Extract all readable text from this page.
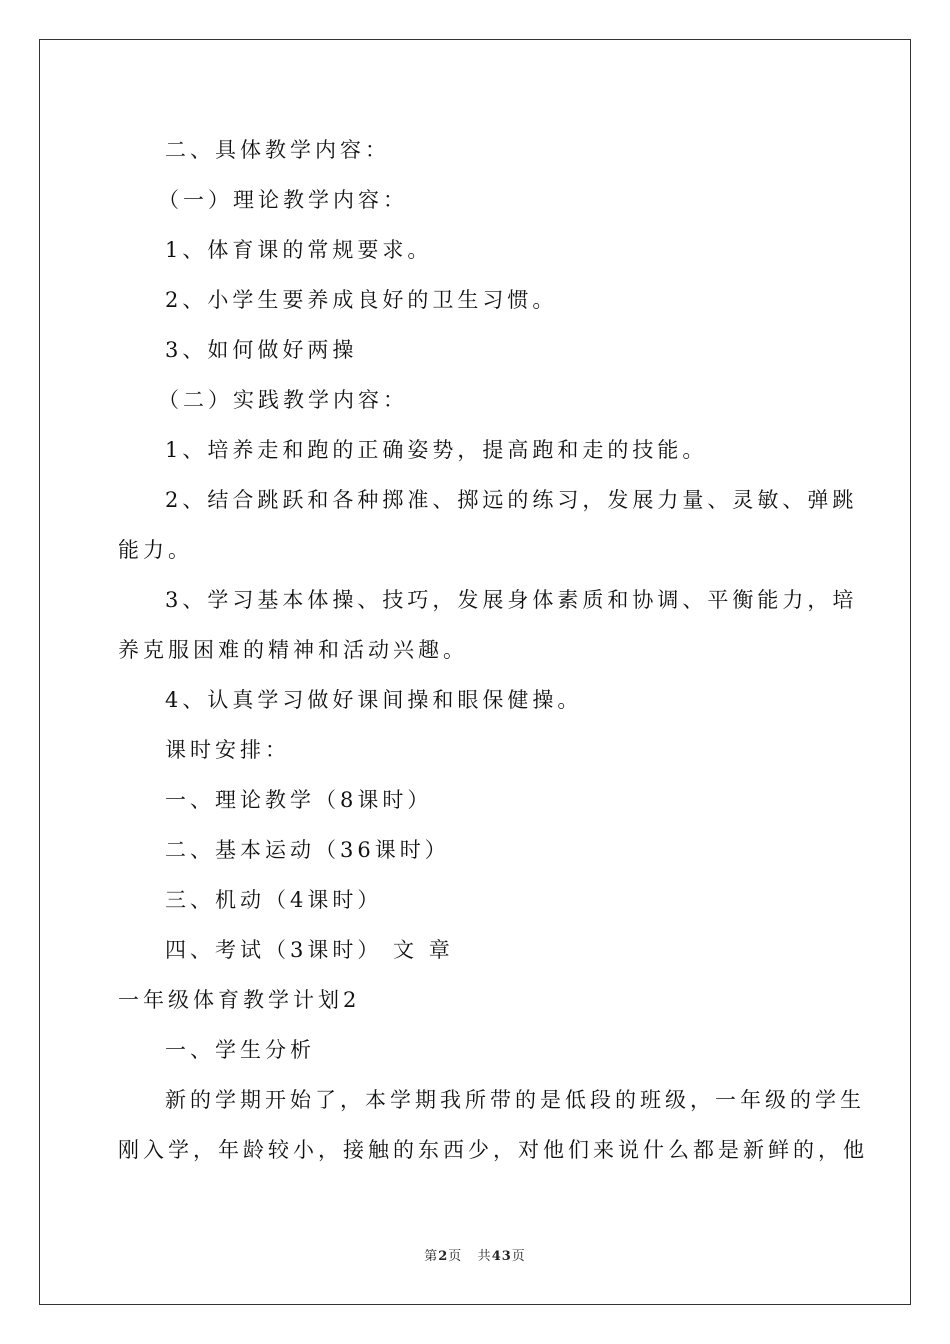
二、具体教学内容：
（一）理论教学内容：
1、体育课的常规要求。
2、小学生要养成良好的卫生习惯。
3、如何做好两操
（二）实践教学内容：
1、培养走和跑的正确姿势，提高跑和走的技能。
2、结合跳跃和各种掷准、掷远的练习，发展力量、灵敏、弹跳
能力。
3、学习基本体操、技巧，发展身体素质和协调、平衡能力，培
养克服困难的精神和活动兴趣。
4、认真学习做好课间操和眼保健操。
课时安排：
一、理论教学（8课时）
二、基本运动（36课时）
三、机动（4课时）
四、考试（3课时） 文 章
一年级体育教学计划2
一、学生分析
新的学期开始了，本学期我所带的是低段的班级，一年级的学生
刚入学，年龄较小，接触的东西少，对他们来说什么都是新鲜的，他
第2页 共43页
